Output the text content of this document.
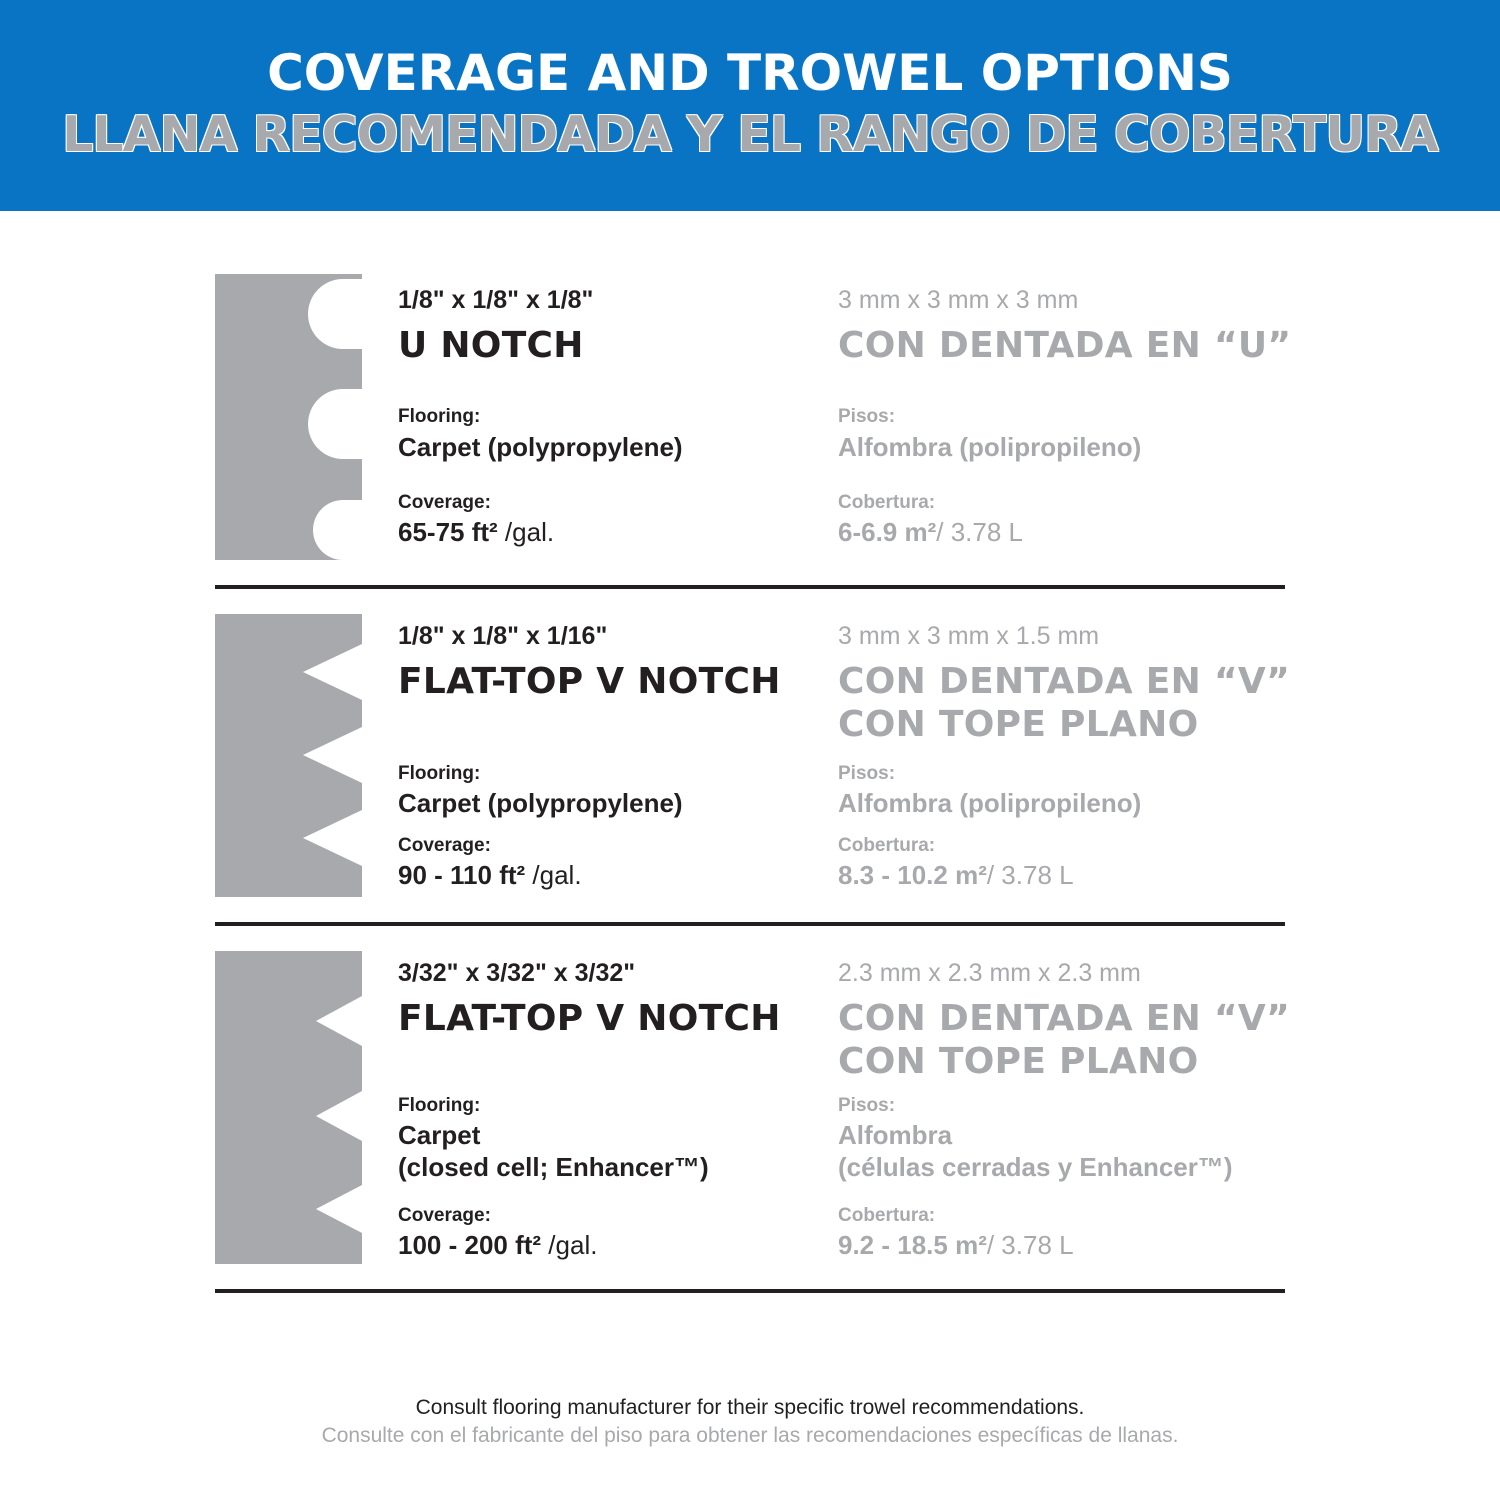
COVERAGE AND TROWEL OPTIONS
LLANA RECOMENDADA Y EL RANGO DE COBERTURA
1/8" x 1/8" x 1/8"
U NOTCH
Flooring:
Carpet (polypropylene)
Coverage:
65-75 ft² /gal.
3 mm x 3 mm x 3 mm
CON DENTADA EN “U”
Pisos:
Alfombra (polipropileno)
Cobertura:
6-6.9 m²/ 3.78 L
1/8" x 1/8" x 1/16"
FLAT-TOP V NOTCH
Flooring:
Carpet (polypropylene)
Coverage:
90 - 110 ft² /gal.
3 mm x 3 mm x 1.5 mm
CON DENTADA EN “V”
CON TOPE PLANO
Pisos:
Alfombra (polipropileno)
Cobertura:
8.3 - 10.2 m²/ 3.78 L
3/32" x 3/32" x 3/32"
FLAT-TOP V NOTCH
Flooring:
Carpet
(closed cell; Enhancer™)
Coverage:
100 - 200 ft² /gal.
2.3 mm x 2.3 mm x 2.3 mm
CON DENTADA EN “V”
CON TOPE PLANO
Pisos:
Alfombra
(células cerradas y Enhancer™)
Cobertura:
9.2 - 18.5 m²/ 3.78 L
Consult flooring manufacturer for their specific trowel recommendations.
Consulte con el fabricante del piso para obtener las recomendaciones específicas de llanas.
